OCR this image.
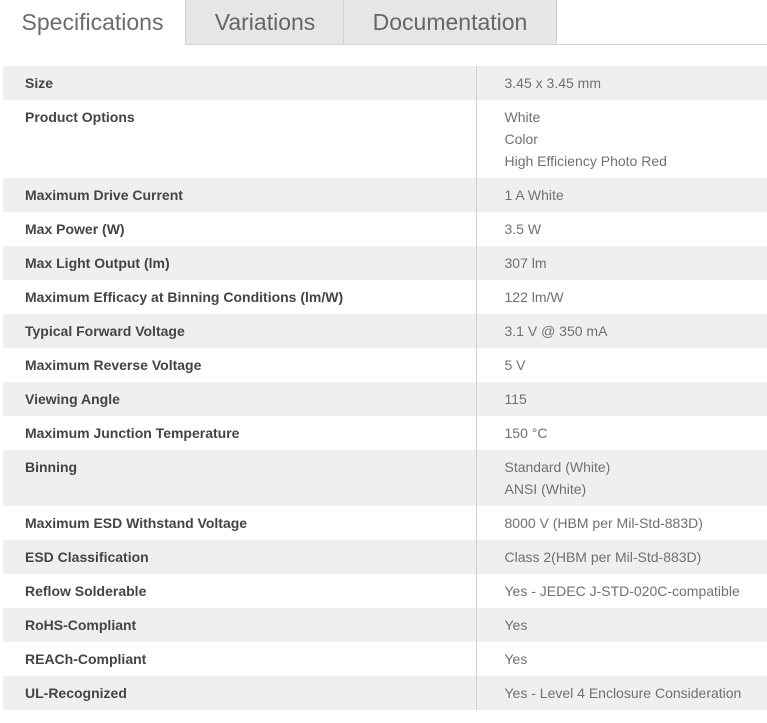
Specifications	Variations	Documentation
Size	3.45 x 3.45 mm

Product Options	White
Color
High Efficiency Photo Red

Maximum Drive Current	1 A White

Max Power (W)	3.5 W

Max Light Output (lm)	307 lm

Maximum Efficacy at Binning Conditions (lm/W)	122 lm/W

Typical Forward Voltage	3.1 V @ 350 mA

Maximum Reverse Voltage	5 V

Viewing Angle	115

Maximum Junction Temperature	150 °C

Binning	Standard (White)
ANSI (White)

Maximum ESD Withstand Voltage	8000 V (HBM per Mil-Std-883D)

ESD Classification	Class 2(HBM per Mil-Std-883D)

Reflow Solderable	Yes - JEDEC J-STD-020C-compatible

RoHS-Compliant	Yes

REACh-Compliant	Yes

UL-Recognized	Yes - Level 4 Enclosure Consideration
